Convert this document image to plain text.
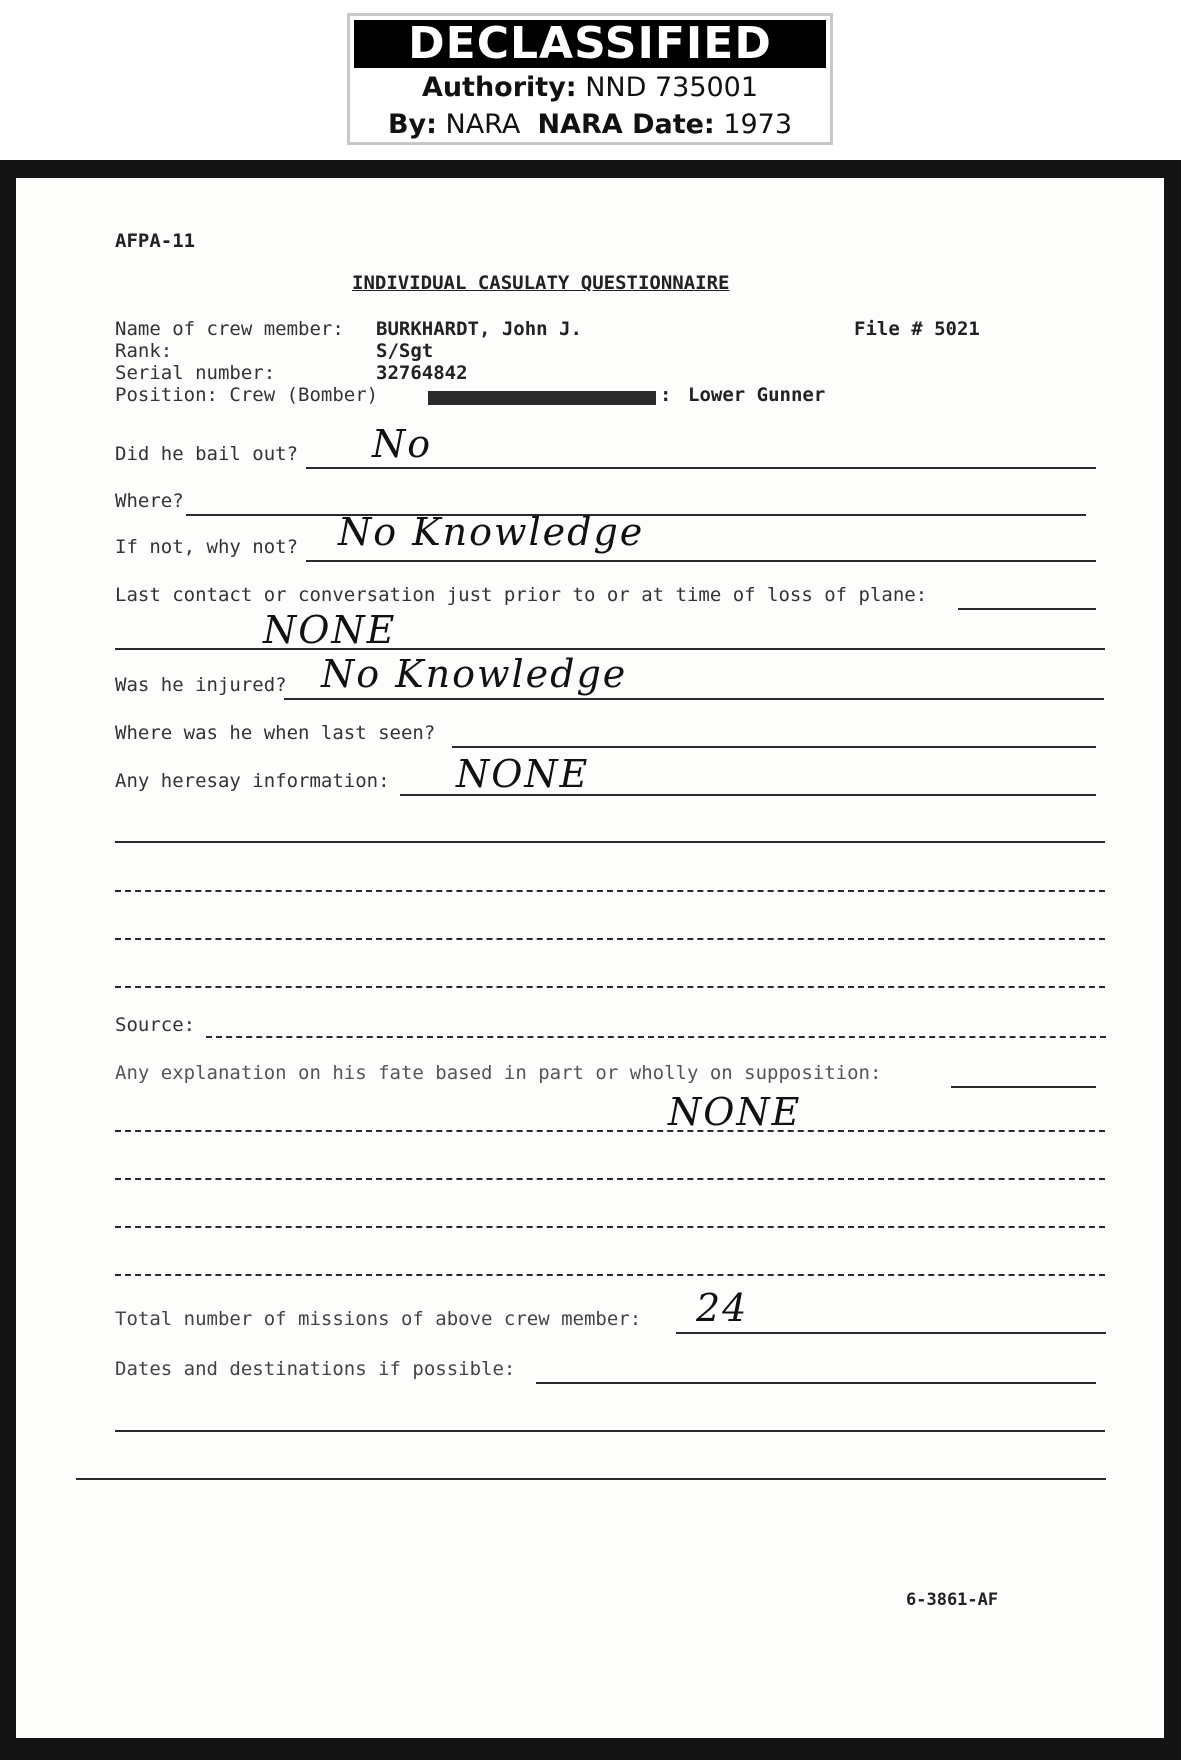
DECLASSIFIED
Authority: NND 735001
By: NARA NARA Date: 1973
AFPA-11
INDIVIDUAL CASULATY QUESTIONNAIRE
Name of crew member: BURKHARDT, John J.	File # 5021
Rank:	S/Sgt
Serial number:	32764842
Position: Crew (Bomber)	: Lower Gunner
Did he bail out? No
Where?
If not, why not? No Knowledge
Last contact or conversation just prior to or at time of loss of plane:
NONE
Was he injured? No Knowledge
Where was he when last seen?
Any heresay information: NONE
Source:
Any explanation on his fate based in part or wholly on supposition:
NONE
Total number of missions of above crew member: 24
Dates and destinations if possible:
6-3861-AF
